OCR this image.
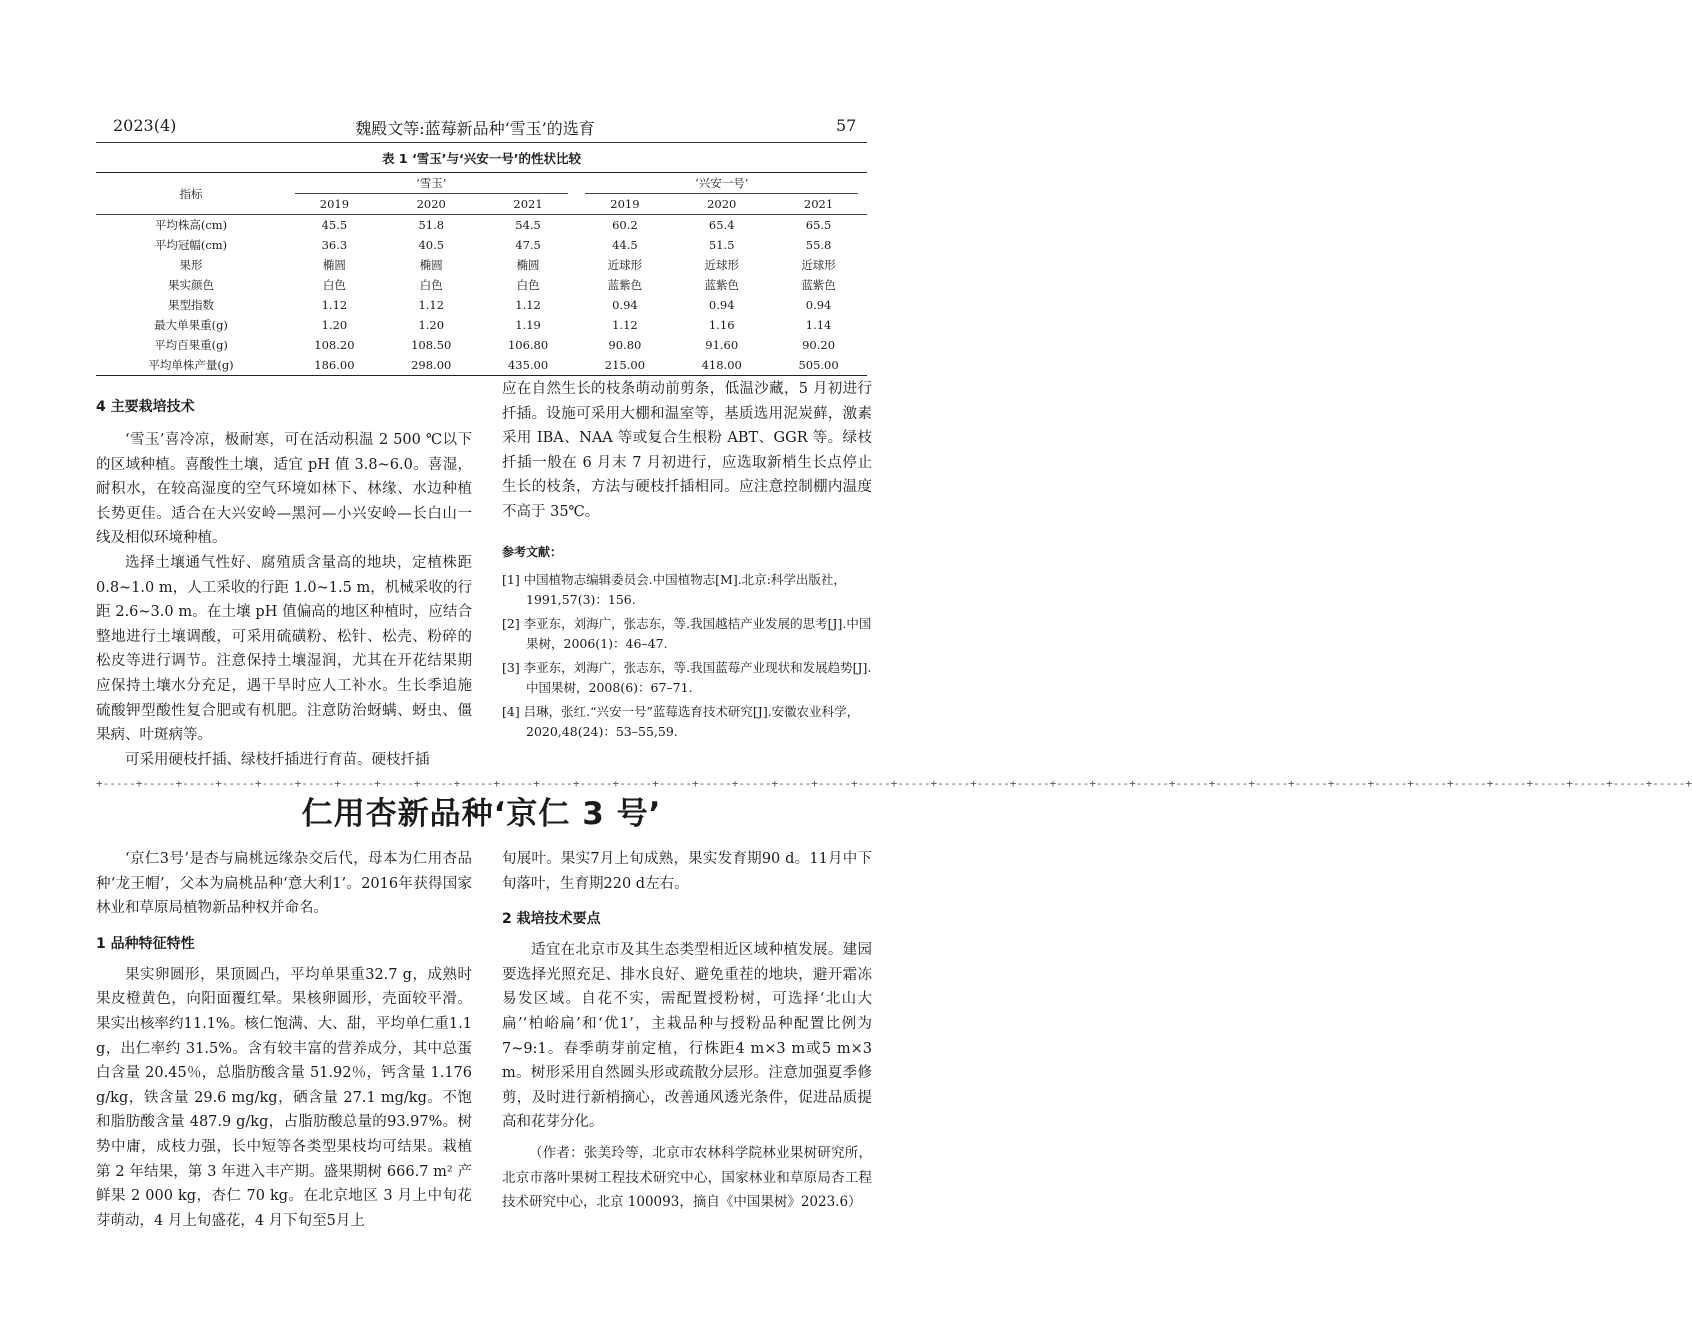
2023(4)	魏殿文等:蓝莓新品种‘雪玉’的选育	57
表 1 ‘雪玉’与‘兴安一号’的性状比较
指标	‘雪玉’			‘兴安一号’		
	2019	2020	2021	2019	2020	2021
平均株高(cm)	45.5	51.8	54.5	60.2	65.4	65.5
平均冠幅(cm)	36.3	40.5	47.5	44.5	51.5	55.8
果形	椭圆	椭圆	椭圆	近球形	近球形	近球形
果实颜色	白色	白色	白色	蓝紫色	蓝紫色	蓝紫色
果型指数	1.12	1.12	1.12	0.94	0.94	0.94
最大单果重(g)	1.20	1.20	1.19	1.12	1.16	1.14
平均百果重(g)	108.20	108.50	106.80	90.80	91.60	90.20
平均单株产量(g)	186.00	298.00	435.00	215.00	418.00	505.00
4 主要栽培技术

‘雪玉’喜冷凉，极耐寒，可在活动积温 2 500 ℃以下的区域种植。喜酸性土壤，适宜 pH 值 3.8~6.0。喜湿，耐积水，在较高湿度的空气环境如林下、林缘、水边种植长势更佳。适合在大兴安岭—黑河—小兴安岭—长白山一线及相似环境种植。

选择土壤通气性好、腐殖质含量高的地块，定植株距 0.8~1.0 m，人工采收的行距 1.0~1.5 m，机械采收的行距 2.6~3.0 m。在土壤 pH 值偏高的地区种植时，应结合整地进行土壤调酸，可采用硫磺粉、松针、松壳、粉碎的松皮等进行调节。注意保持土壤湿润，尤其在开花结果期应保持土壤水分充足，遇干旱时应人工补水。生长季追施硫酸钾型酸性复合肥或有机肥。注意防治蚜螨、蚜虫、僵果病、叶斑病等。

可采用硬枝扦插、绿枝扦插进行育苗。硬枝扦插

应在自然生长的枝条萌动前剪条，低温沙藏，5 月初进行扦插。设施可采用大棚和温室等，基质选用泥炭藓，激素采用 IBA、NAA 等或复合生根粉 ABT、GGR 等。绿枝扦插一般在 6 月末 7 月初进行，应选取新梢生长点停止生长的枝条，方法与硬枝扦插相同。应注意控制棚内温度不高于 35℃。

参考文献：

[1] 中国植物志编辑委员会.中国植物志[M].北京:科学出版社，1991,57(3)：156.

[2] 李亚东，刘海广，张志东，等.我国越桔产业发展的思考[J].中国果树，2006(1)：46–47.

[3] 李亚东，刘海广，张志东，等.我国蓝莓产业现状和发展趋势[J].中国果树，2008(6)：67–71.

[4] 吕琳，张红.“兴安一号”蓝莓选育技术研究[J].安徽农业科学，2020,48(24)：53–55,59.

+-----+-----+-----+-----+-----+-----+-----+-----+-----+-----+-----+-----+-----+-----+-----+-----+-----+-----+-----+-----+-----+-----+-----+-----+-----+-----+-----+-----+-----+-----+-----+-----+-----+-----+-----+-----+-----+-----+-----+-----+
仁用杏新品种‘京仁 3 号’

‘京仁3号’是杏与扁桃远缘杂交后代，母本为仁用杏品种‘龙王帽’，父本为扁桃品种‘意大利1’。2016年获得国家林业和草原局植物新品种权并命名。

1 品种特征特性

果实卵圆形，果顶圆凸，平均单果重32.7 g，成熟时果皮橙黄色，向阳面覆红晕。果核卵圆形，壳面较平滑。果实出核率约11.1%。核仁饱满、大、甜，平均单仁重1.1 g，出仁率约 31.5%。含有较丰富的营养成分，其中总蛋白含量 20.45％，总脂肪酸含量 51.92％，钙含量 1.176 g/kg，铁含量 29.6 mg/kg，硒含量 27.1 mg/kg。不饱和脂肪酸含量 487.9 g/kg，占脂肪酸总量的93.97%。树势中庸，成枝力强，长中短等各类型果枝均可结果。栽植第 2 年结果，第 3 年进入丰产期。盛果期树 666.7 m² 产鲜果 2 000 kg，杏仁 70 kg。在北京地区 3 月上中旬花芽萌动，4 月上旬盛花，4 月下旬至5月上

旬展叶。果实7月上旬成熟，果实发育期90 d。11月中下旬落叶，生育期220 d左右。

2 栽培技术要点

适宜在北京市及其生态类型相近区域种植发展。建园要选择光照充足、排水良好、避免重茬的地块，避开霜冻易发区域。自花不实，需配置授粉树，可选择‘北山大扁’‘柏峪扁’和‘优1’，主栽品种与授粉品种配置比例为7~9:1。春季萌芽前定植，行株距4 m×3 m或5 m×3 m。树形采用自然圆头形或疏散分层形。注意加强夏季修剪，及时进行新梢摘心，改善通风透光条件，促进品质提高和花芽分化。

（作者：张美玲等，北京市农林科学院林业果树研究所，北京市落叶果树工程技术研究中心，国家林业和草原局杏工程技术研究中心，北京 100093，摘自《中国果树》2023.6）
